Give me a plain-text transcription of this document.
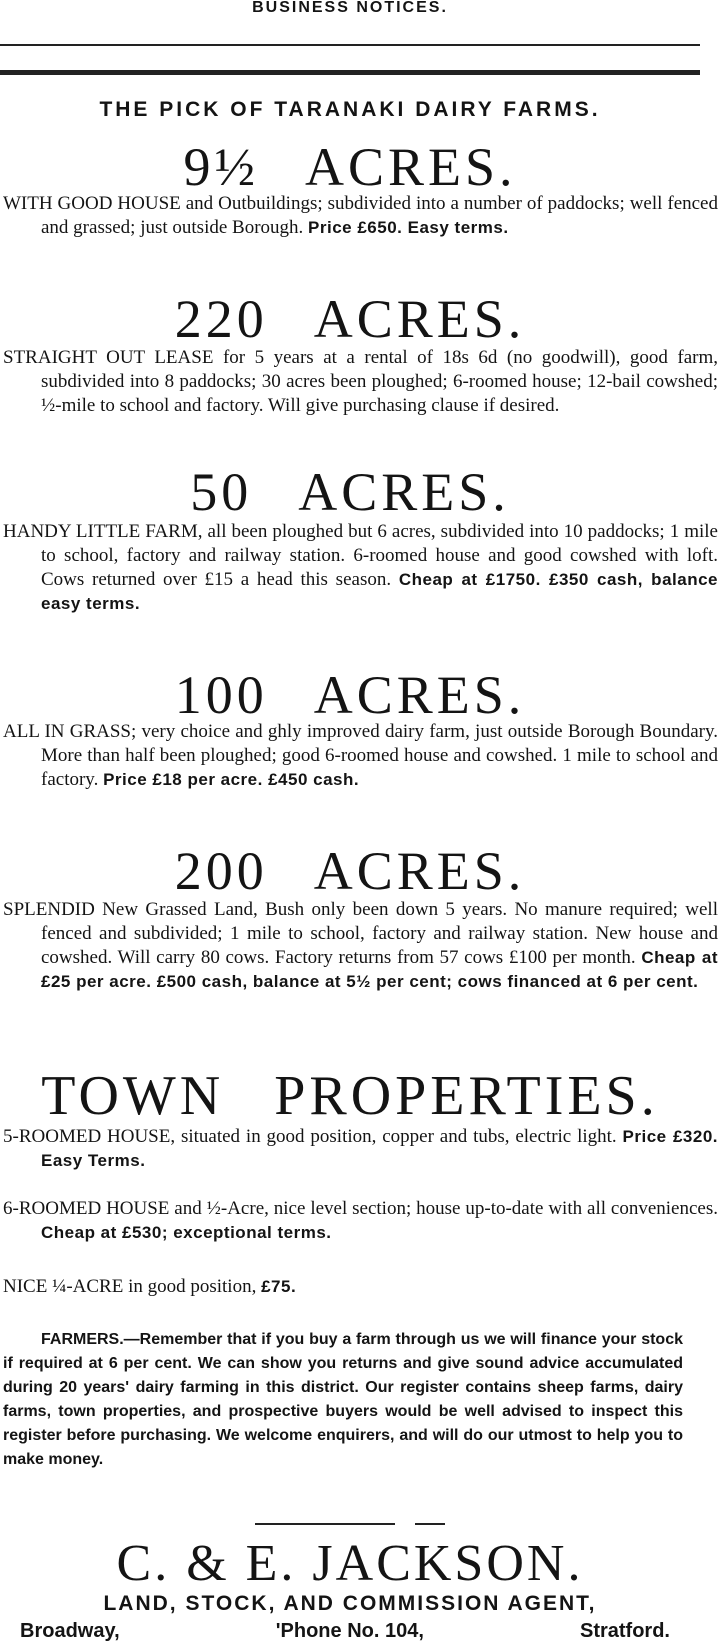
BUSINESS NOTICES.
THE PICK OF TARANAKI DAIRY FARMS.
9½ ACRES.
WITH GOOD HOUSE and Outbuildings; subdivided into a number of paddocks; well fenced and grassed; just outside Borough. Price £650. Easy terms.
220 ACRES.
STRAIGHT OUT LEASE for 5 years at a rental of 18s 6d (no goodwill), good farm, subdivided into 8 paddocks; 30 acres been ploughed; 6-roomed house; 12-bail cowshed; ½-mile to school and factory. Will give purchasing clause if desired.
50 ACRES.
HANDY LITTLE FARM, all been ploughed but 6 acres, subdivided into 10 paddocks; 1 mile to school, factory and railway station. 6-roomed house and good cowshed with loft. Cows returned over £15 a head this season. Cheap at £1750. £350 cash, balance easy terms.
100 ACRES.
ALL IN GRASS; very choice and ghly improved dairy farm, just outside Borough Boundary. More than half been ploughed; good 6-roomed house and cowshed. 1 mile to school and factory. Price £18 per acre. £450 cash.
200 ACRES.
SPLENDID New Grassed Land, Bush only been down 5 years. No manure required; well fenced and subdivided; 1 mile to school, factory and railway station. New house and cowshed. Will carry 80 cows. Factory returns from 57 cows £100 per month. Cheap at £25 per acre. £500 cash, balance at 5½ per cent; cows financed at 6 per cent.
TOWN PROPERTIES.
5-ROOMED HOUSE, situated in good position, copper and tubs, electric light. Price £320. Easy Terms.
6-ROOMED HOUSE and ½-Acre, nice level section; house up-to-date with all conveniences. Cheap at £530; exceptional terms.
NICE ¼-ACRE in good position, £75.
FARMERS.—Remember that if you buy a farm through us we will finance your stock if required at 6 per cent. We can show you returns and give sound advice accumulated during 20 years' dairy farming in this district. Our register contains sheep farms, dairy farms, town properties, and prospective buyers would be well advised to inspect this register before purchasing. We welcome enquirers, and will do our utmost to help you to make money.
C. & E. JACKSON.
LAND, STOCK, AND COMMISSION AGENT,
Broadway,	'Phone No. 104,	Stratford.
